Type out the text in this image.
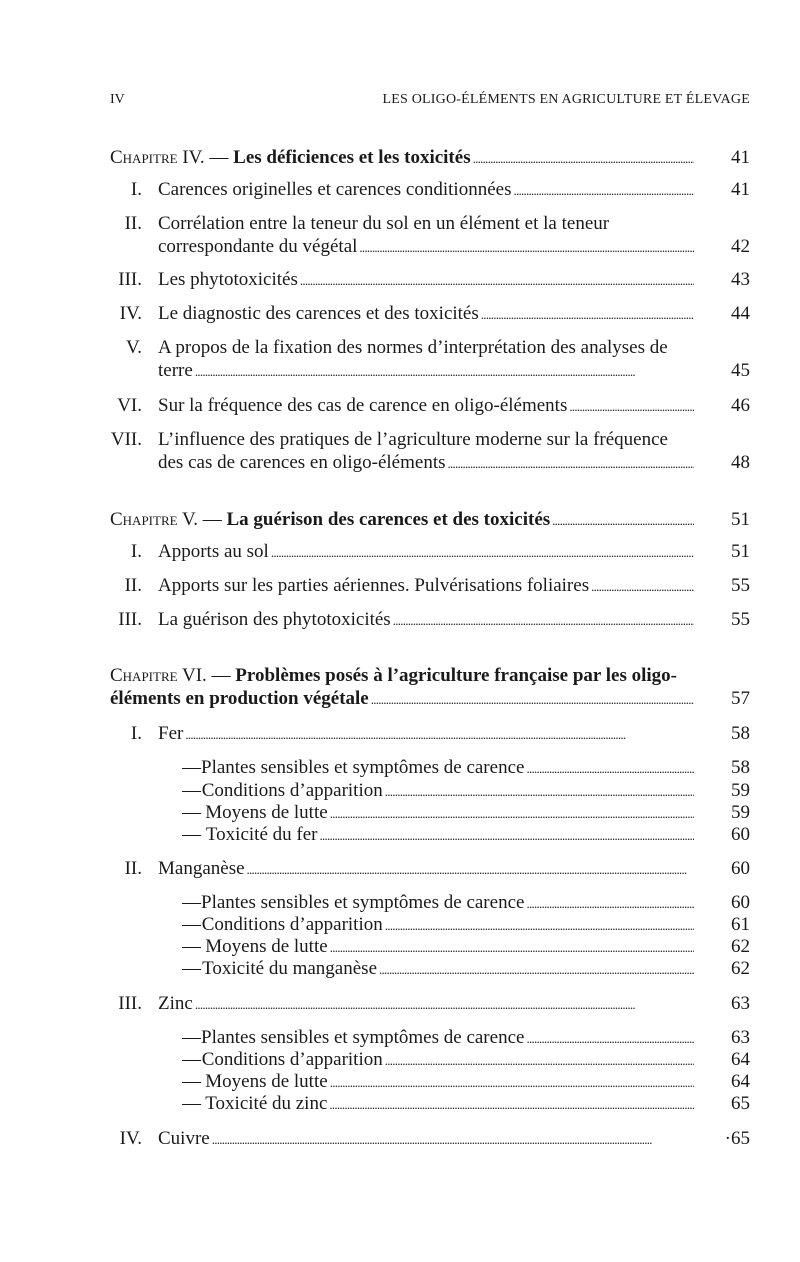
IV	LES OLIGO-ÉLÉMENTS EN AGRICULTURE ET ÉLEVAGE
Chapitre IV.
—
Les déficiences et les toxicités . . .	41
I. Carences originelles et carences conditionnées . . .	41
II. Corrélation entre la teneur du sol en un élément et la teneur
correspondante du végétal . . .	42
III. Les phytotoxicités . . .	43
IV. Le diagnostic des carences et des toxicités . . .	44
V. A propos de la fixation des normes d’interprétation des analyses de
terre . . .	45
VI. Sur la fréquence des cas de carence en oligo-éléments . . .	46
VII. L’influence des pratiques de l’agriculture moderne sur la fréquence
des cas de carences en oligo-éléments . . .	48
Chapitre V.
—
La guérison des carences et des toxicités . . .	51
I. Apports au sol . . .	51
II. Apports sur les parties aériennes. Pulvérisations foliaires . . .	55
III. La guérison des phytotoxicités . . .	55
Chapitre VI.
—
Problèmes posés à l’agriculture française par les oligo-
éléments en production végétale . . .	57
I. Fer . . .	58
— Plantes sensibles et symptômes de carence . . .	58
— Conditions d’apparition . . .	59
— Moyens de lutte . . .	59
— Toxicité du fer . . .	60
II. Manganèse . . .	60
— Plantes sensibles et symptômes de carence . . .	60
— Conditions d’apparition . . .	61
— Moyens de lutte . . .	62
— Toxicité du manganèse . . .	62
III. Zinc . . .	63
— Plantes sensibles et symptômes de carence . . .	63
— Conditions d’apparition . . .	64
— Moyens de lutte . . .	64
— Toxicité du zinc . . .	65
IV. Cuivre . . .	·65
